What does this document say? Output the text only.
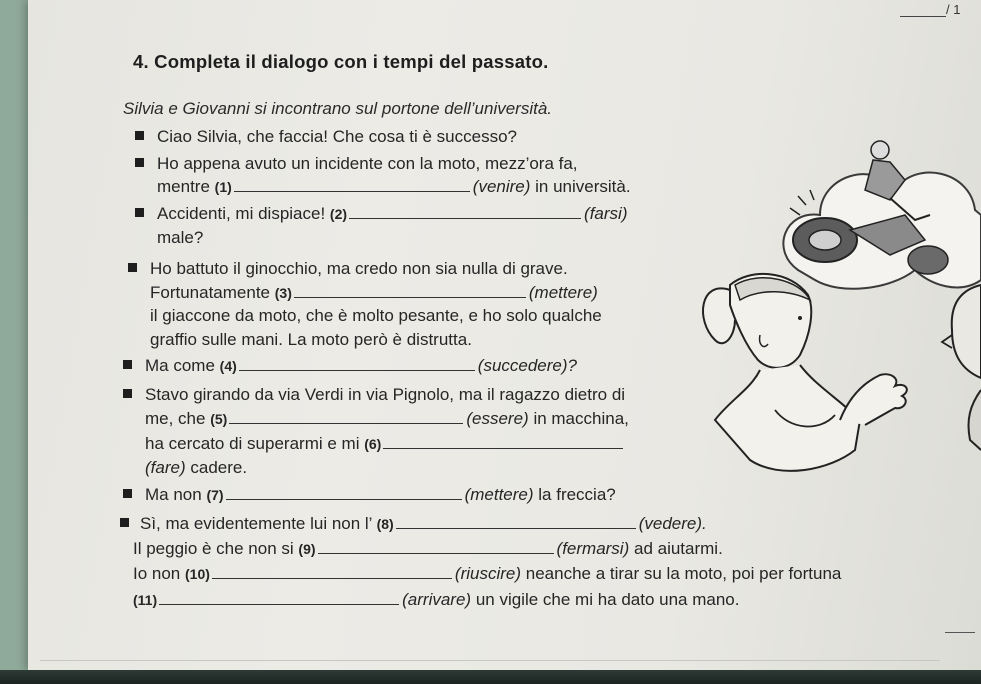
/ 1
4. Completa il dialogo con i tempi del passato.
Silvia e Giovanni si incontrano sul portone dell’università.
Ciao Silvia, che faccia! Che cosa ti è successo?
Ho appena avuto un incidente con la moto, mezz’ora fa,
mentre (1)	(venire) in università.
Accidenti, mi dispiace! (2)	(farsi)
male?
Ho battuto il ginocchio, ma credo non sia nulla di grave.
Fortunatamente (3)	(mettere)
il giaccone da moto, che è molto pesante, e ho solo qualche
graffio sulle mani. La moto però è distrutta.
Ma come (4)	(succedere)?
Stavo girando da via Verdi in via Pignolo, ma il ragazzo dietro di
me, che (5)	(essere) in macchina,
ha cercato di superarmi e mi (6)
(fare) cadere.
Ma non (7)	(mettere) la freccia?
Sì, ma evidentemente lui non l’ (8)	(vedere).
Il peggio è che non si (9)	(fermarsi) ad aiutarmi.
Io non (10)	(riuscire) neanche a tirar su la moto, poi per fortuna
(11)	(arrivare) un vigile che mi ha dato una mano.
